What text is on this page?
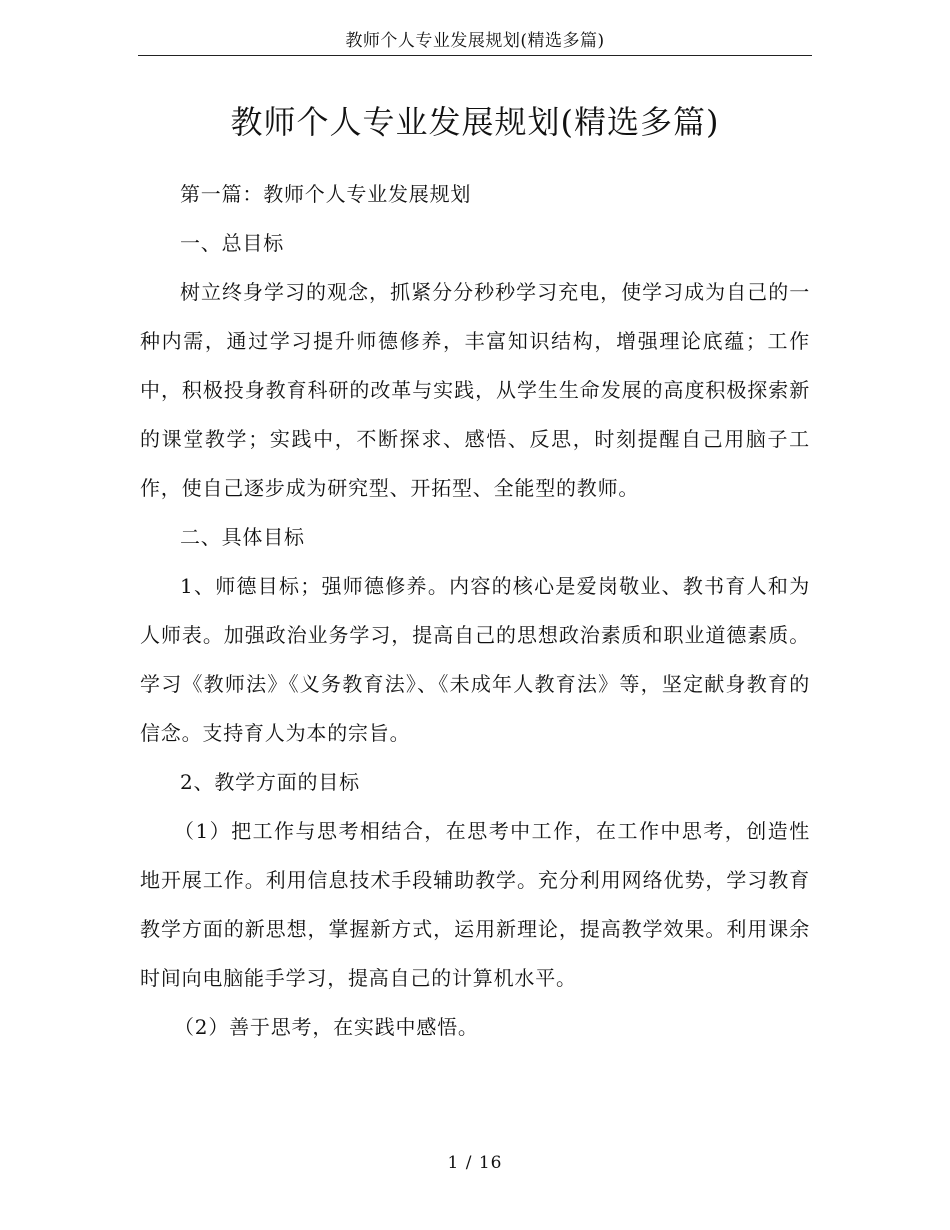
教师个人专业发展规划(精选多篇)
教师个人专业发展规划(精选多篇)

第一篇：教师个人专业发展规划

一、总目标

树立终身学习的观念，抓紧分分秒秒学习充电，使学习成为自己的一种内需，通过学习提升师德修养，丰富知识结构，增强理论底蕴；工作中，积极投身教育科研的改革与实践，从学生生命发展的高度积极探索新的课堂教学；实践中，不断探求、感悟、反思，时刻提醒自己用脑子工作，使自己逐步成为研究型、开拓型、全能型的教师。

二、具体目标

1、师德目标；强师德修养。内容的核心是爱岗敬业、教书育人和为人师表。加强政治业务学习，提高自己的思想政治素质和职业道德素质。学习《教师法》《义务教育法》、《未成年人教育法》等，坚定献身教育的信念。支持育人为本的宗旨。

2、教学方面的目标

（1）把工作与思考相结合，在思考中工作，在工作中思考，创造性地开展工作。利用信息技术手段辅助教学。充分利用网络优势，学习教育教学方面的新思想，掌握新方式，运用新理论，提高教学效果。利用课余时间向电脑能手学习，提高自己的计算机水平。

（2）善于思考，在实践中感悟。

1 / 16
